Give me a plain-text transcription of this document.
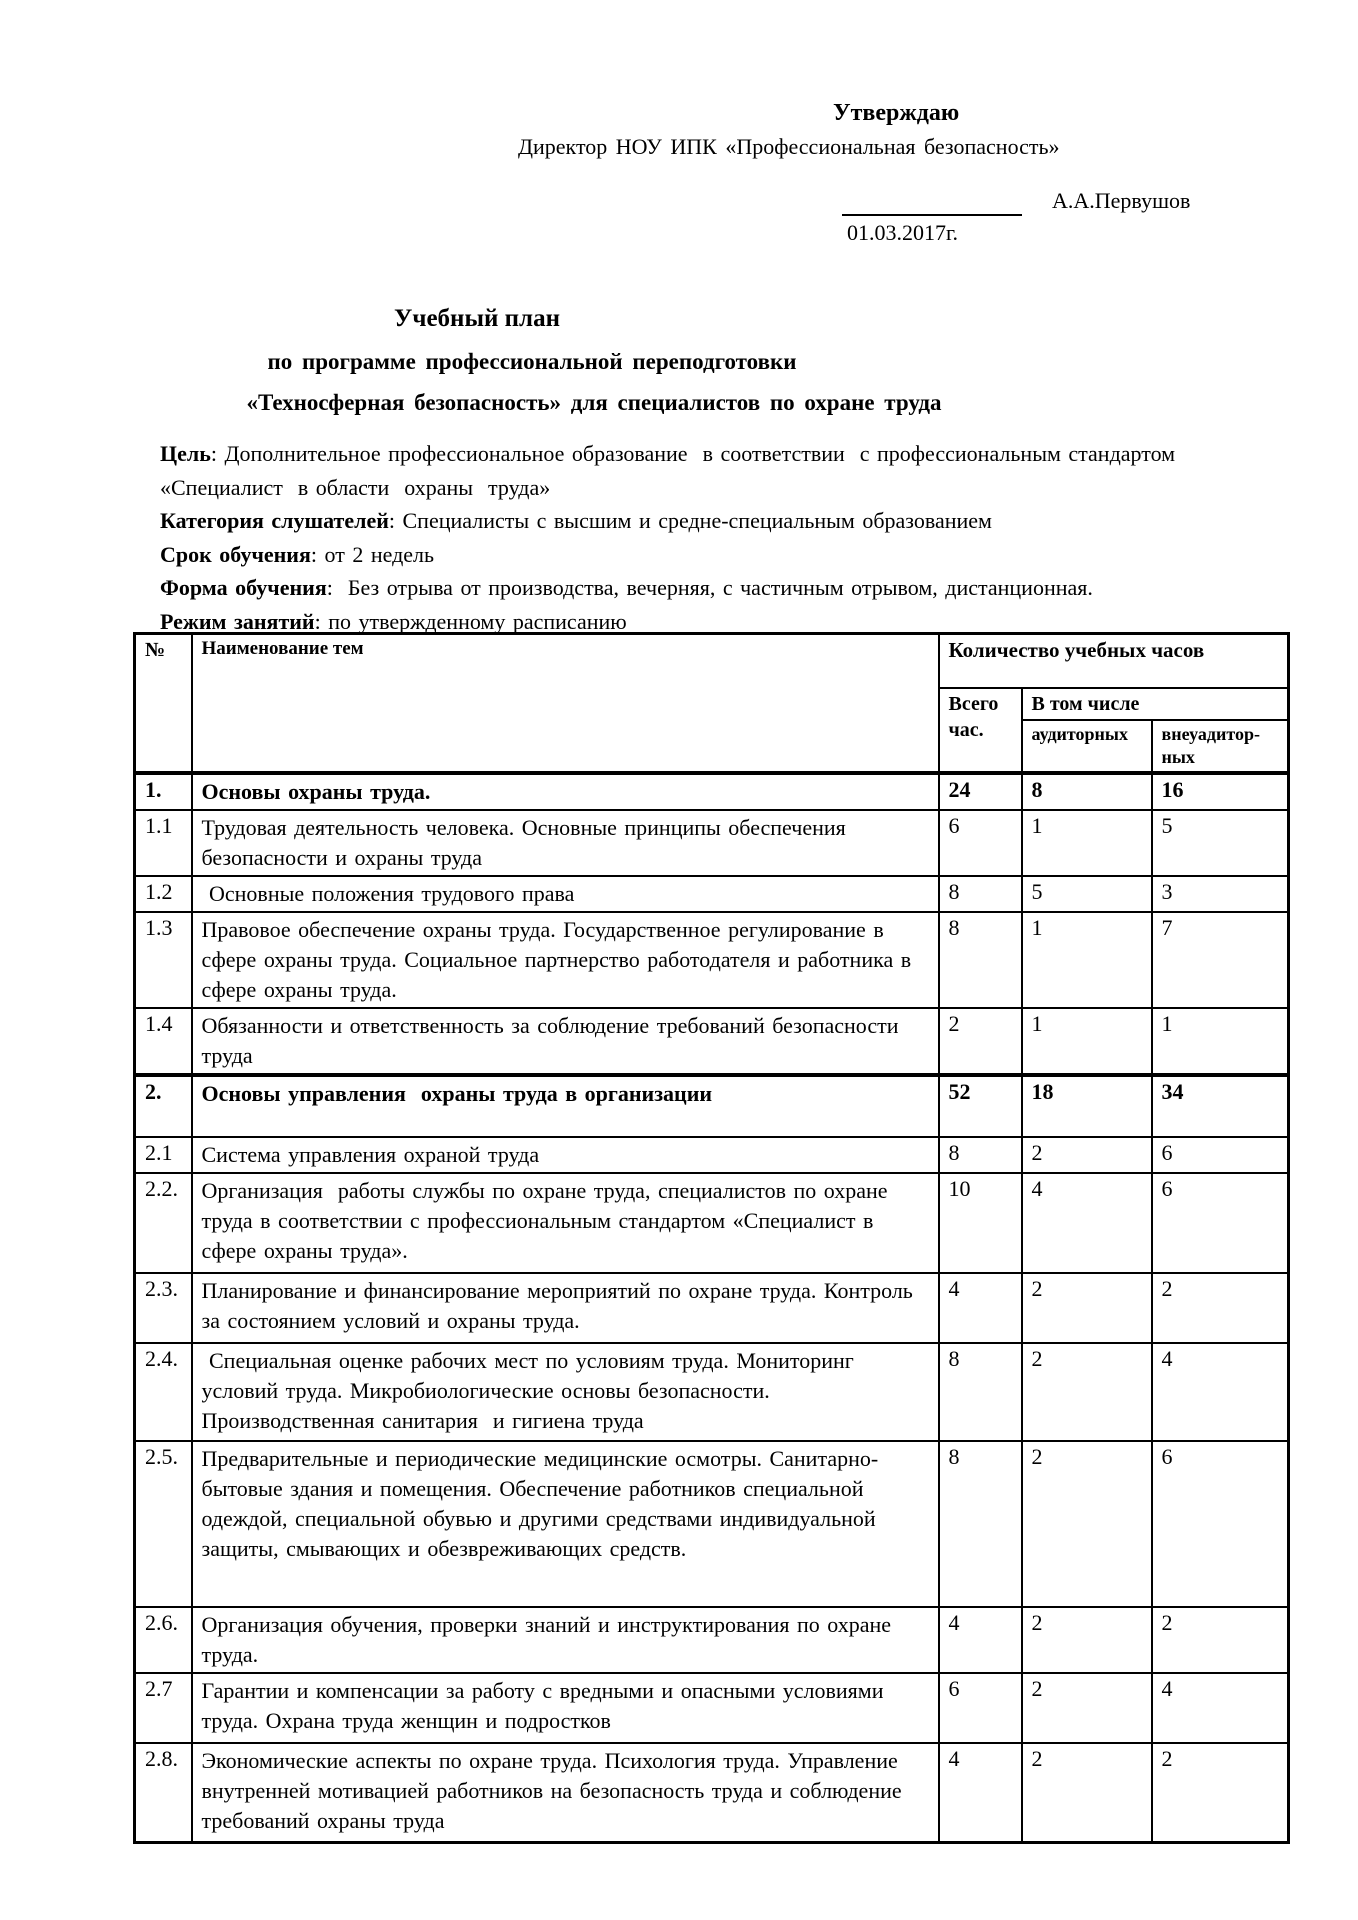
Утверждаю
Директор НОУ ИПК «Профессиональная безопасность»
А.А.Первушов
01.03.2017г.
Учебный план
по программе профессиональной переподготовки
«Техносферная безопасность» для специалистов по охране труда

Цель: Дополнительное профессиональное образование  в соответствии  с профессиональным стандартом  «Специалист  в области  охраны  труда»

Категория слушателей: Специалисты с высшим и средне-специальным образованием

Срок обучения: от 2 недель

Форма обучения:  Без отрыва от производства, вечерняя, с частичным отрывом, дистанционная.

Режим занятий: по утвержденному расписанию

№	Наименование тем	Количество учебных часов		
		Всего час.	В том числе	
			аудиторных	внеуадитор-ных
1.	Основы охраны труда.	24	8	16
1.1	Трудовая деятельность человека. Основные принципы обеспечения безопасности и охраны труда	6	1	5
1.2	Основные положения трудового права	8	5	3
1.3	Правовое обеспечение охраны труда. Государственное регулирование в сфере охраны труда. Социальное партнерство работодателя и работника в сфере охраны труда.	8	1	7
1.4	Обязанности и ответственность за соблюдение требований безопасности труда	2	1	1
2.	Основы управления  охраны труда в организации	52	18	34
2.1	Система управления охраной труда	8	2	6
2.2.	Организация  работы службы по охране труда, специалистов по охране труда в соответствии с профессиональным стандартом «Специалист в сфере охраны труда».	10	4	6
2.3.	Планирование и финансирование мероприятий по охране труда. Контроль за состоянием условий и охраны труда.	4	2	2
2.4.	Специальная оценке рабочих мест по условиям труда. Мониторинг условий труда. Микробиологические основы безопасности. Производственная санитария  и гигиена труда	8	2	4
2.5.	Предварительные и периодические медицинские осмотры. Санитарно-бытовые здания и помещения. Обеспечение работников специальной одеждой, специальной обувью и другими средствами индивидуальной защиты, смывающих и обезвреживающих средств.	8	2	6
2.6.	Организация обучения, проверки знаний и инструктирования по охране труда.	4	2	2
2.7	Гарантии и компенсации за работу с вредными и опасными условиями труда. Охрана труда женщин и подростков	6	2	4
2.8.	Экономические аспекты по охране труда. Психология труда. Управление внутренней мотивацией работников на безопасность труда и соблюдение требований охраны труда	4	2	2
